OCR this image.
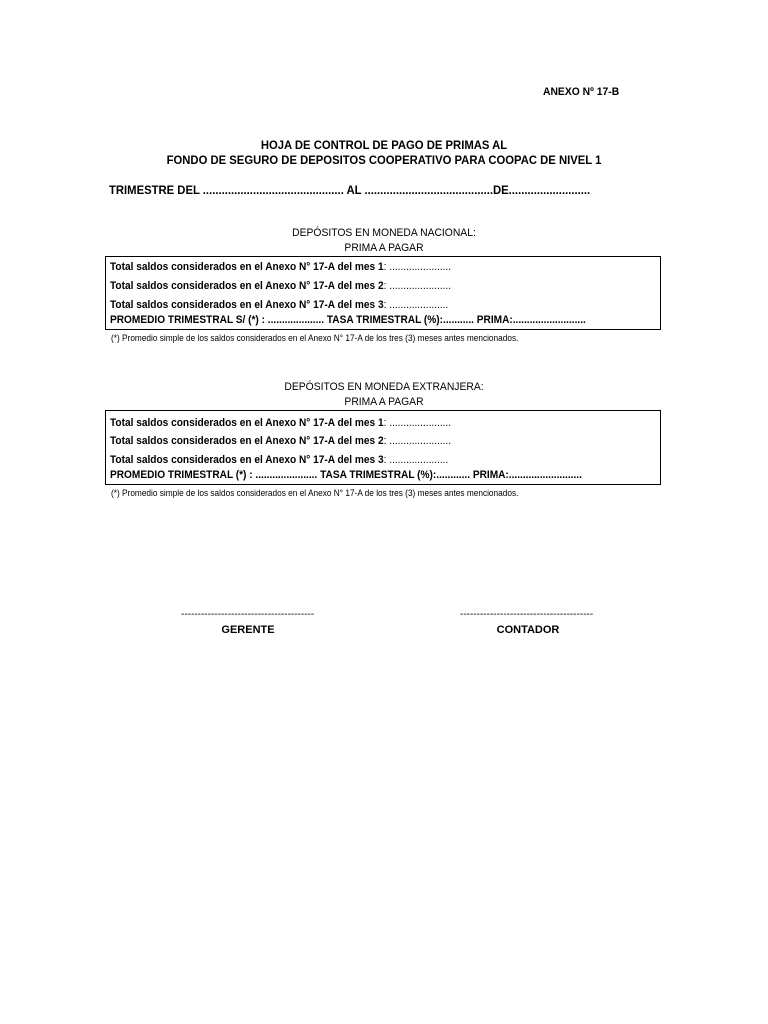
ANEXO Nº 17-B
HOJA DE CONTROL DE PAGO DE PRIMAS AL
FONDO DE SEGURO DE DEPOSITOS COOPERATIVO PARA COOPAC DE NIVEL 1
TRIMESTRE DEL ............................................. AL .........................................DE..........................
DEPÓSITOS EN MONEDA NACIONAL:
PRIMA A PAGAR
Total saldos considerados en el Anexo N° 17-A del mes 1: ......................
Total saldos considerados en el Anexo N° 17-A del mes 2: ......................
Total saldos considerados en el Anexo N° 17-A del mes 3: .....................
PROMEDIO TRIMESTRAL S/ (*) : .................... TASA TRIMESTRAL (%):........... PRIMA:..........................
(*) Promedio simple de los saldos considerados en el Anexo N° 17-A de los tres (3) meses antes mencionados.
DEPÓSITOS EN MONEDA EXTRANJERA:
PRIMA A PAGAR
Total saldos considerados en el Anexo N° 17-A del mes 1: ......................
Total saldos considerados en el Anexo N° 17-A del mes 2: ......................
Total saldos considerados en el Anexo N° 17-A del mes 3: .....................
PROMEDIO TRIMESTRAL (*) : ...................... TASA TRIMESTRAL (%):............ PRIMA:..........................
(*) Promedio simple de los saldos considerados en el Anexo N° 17-A de los tres (3) meses antes mencionados.
----------------------------------------
GERENTE
----------------------------------------
CONTADOR
